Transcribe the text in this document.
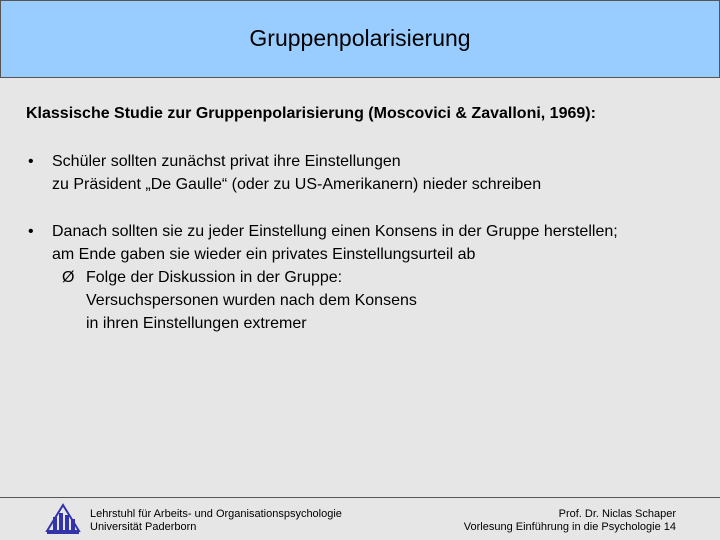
Gruppenpolarisierung
Klassische Studie zur Gruppenpolarisierung (Moscovici & Zavalloni, 1969):
• Schüler sollten zunächst privat ihre Einstellungen
zu Präsident „De Gaulle“ (oder zu US-Amerikanern) nieder schreiben
• Danach sollten sie zu jeder Einstellung einen Konsens in der Gruppe herstellen;
am Ende gaben sie wieder ein privates Einstellungsurteil ab
Ø Folge der Diskussion in der Gruppe:
Versuchspersonen wurden nach dem Konsens
in ihren Einstellungen extremer
Lehrstuhl für Arbeits- und Organisationspsychologie
Universität Paderborn
Prof. Dr. Niclas Schaper
Vorlesung Einführung in die Psychologie 14
